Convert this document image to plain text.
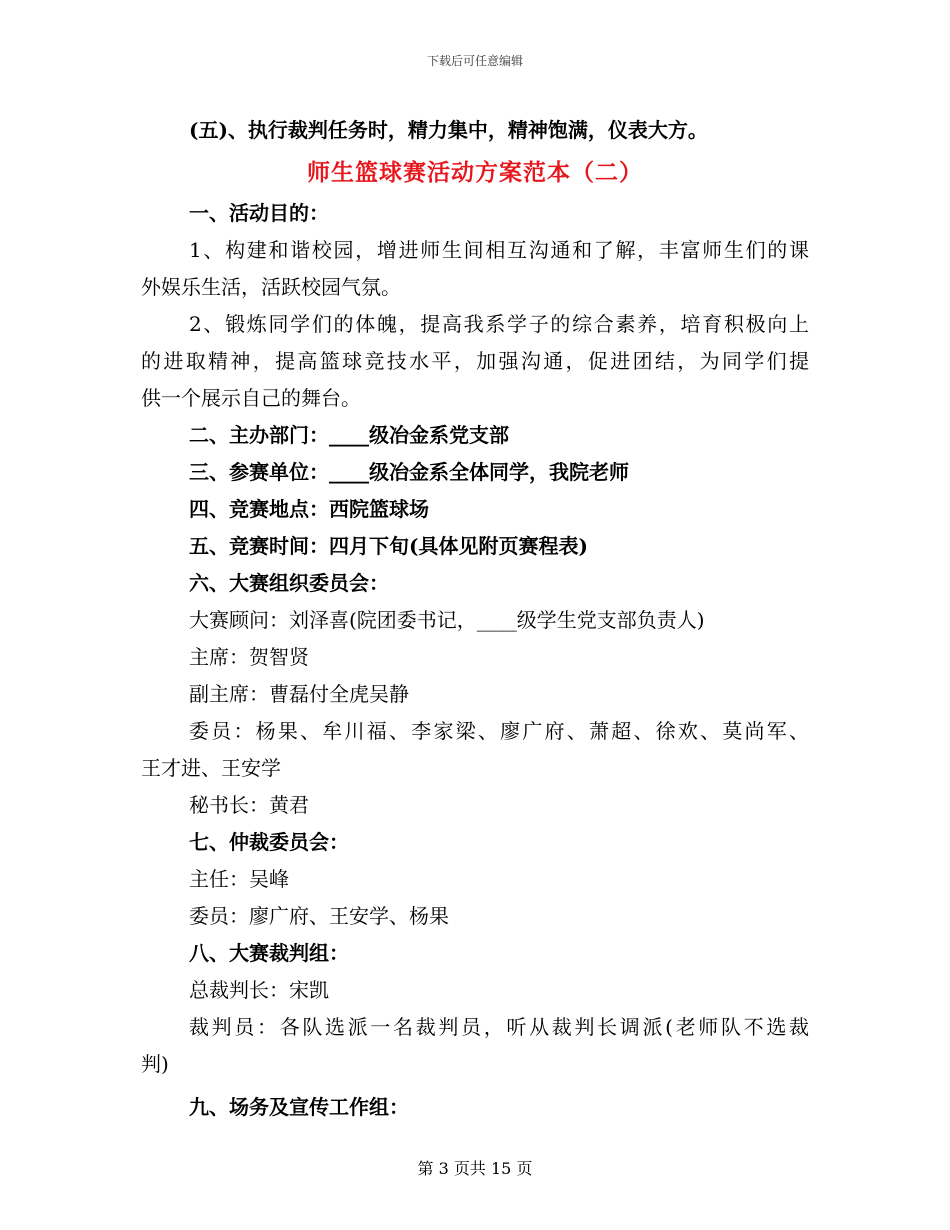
下载后可任意编辑
(五)、执行裁判任务时，精力集中，精神饱满，仪表大方。
师生篮球赛活动方案范本（二）
一、活动目的：
1、构建和谐校园，增进师生间相互沟通和了解，丰富师生们的课
外娱乐生活，活跃校园气氛。
2、锻炼同学们的体魄，提高我系学子的综合素养，培育积极向上
的进取精神，提高篮球竞技水平，加强沟通，促进团结，为同学们提
供一个展示自己的舞台。
二、主办部门：____级冶金系党支部
三、参赛单位：____级冶金系全体同学，我院老师
四、竞赛地点：西院篮球场
五、竞赛时间：四月下旬(具体见附页赛程表)
六、大赛组织委员会：
大赛顾问：刘泽喜(院团委书记，____级学生党支部负责人)
主席：贺智贤
副主席：曹磊付全虎吴静
委员：杨果、牟川福、李家梁、廖广府、萧超、徐欢、莫尚军、
王才进、王安学
秘书长：黄君
七、仲裁委员会：
主任：吴峰
委员：廖广府、王安学、杨果
八、大赛裁判组：
总裁判长：宋凯
裁判员：各队选派一名裁判员，听从裁判长调派(老师队不选裁
判)
九、场务及宣传工作组：
第 3 页共 15 页
